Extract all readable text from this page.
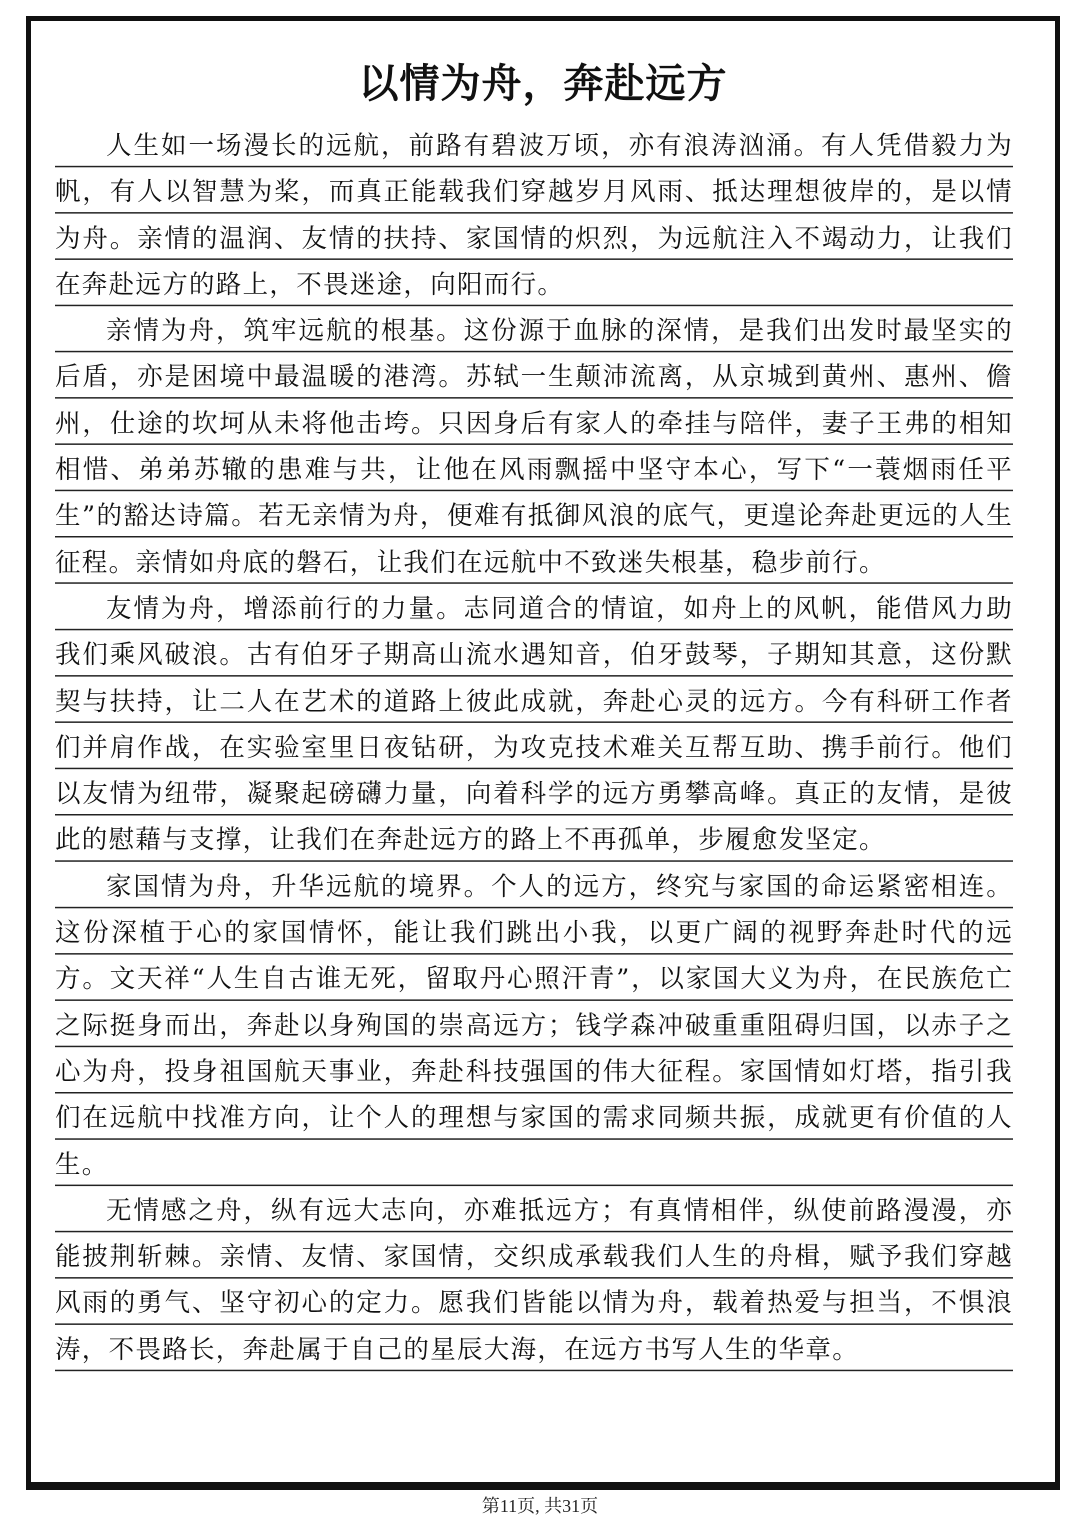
以情为舟，奔赴远方

人生如一场漫长的远航，前路有碧波万顷，亦有浪涛汹涌。有人凭借毅力为帆，有人以智慧为桨，而真正能载我们穿越岁月风雨、抵达理想彼岸的，是以情为舟。亲情的温润、友情的扶持、家国情的炽烈，为远航注入不竭动力，让我们在奔赴远方的路上，不畏迷途，向阳而行。

亲情为舟，筑牢远航的根基。这份源于血脉的深情，是我们出发时最坚实的后盾，亦是困境中最温暖的港湾。苏轼一生颠沛流离，从京城到黄州、惠州、儋州，仕途的坎坷从未将他击垮。只因身后有家人的牵挂与陪伴，妻子王弗的相知相惜、弟弟苏辙的患难与共，让他在风雨飘摇中坚守本心，写下“一蓑烟雨任平生”的豁达诗篇。若无亲情为舟，便难有抵御风浪的底气，更遑论奔赴更远的人生征程。亲情如舟底的磐石，让我们在远航中不致迷失根基，稳步前行。

友情为舟，增添前行的力量。志同道合的情谊，如舟上的风帆，能借风力助我们乘风破浪。古有伯牙子期高山流水遇知音，伯牙鼓琴，子期知其意，这份默契与扶持，让二人在艺术的道路上彼此成就，奔赴心灵的远方。今有科研工作者们并肩作战，在实验室里日夜钻研，为攻克技术难关互帮互助、携手前行。他们以友情为纽带，凝聚起磅礴力量，向着科学的远方勇攀高峰。真正的友情，是彼此的慰藉与支撑，让我们在奔赴远方的路上不再孤单，步履愈发坚定。

家国情为舟，升华远航的境界。个人的远方，终究与家国的命运紧密相连。这份深植于心的家国情怀，能让我们跳出小我，以更广阔的视野奔赴时代的远方。文天祥“人生自古谁无死，留取丹心照汗青”，以家国大义为舟，在民族危亡之际挺身而出，奔赴以身殉国的崇高远方；钱学森冲破重重阻碍归国，以赤子之心为舟，投身祖国航天事业，奔赴科技强国的伟大征程。家国情如灯塔，指引我们在远航中找准方向，让个人的理想与家国的需求同频共振，成就更有价值的人生。

无情感之舟，纵有远大志向，亦难抵远方；有真情相伴，纵使前路漫漫，亦能披荆斩棘。亲情、友情、家国情，交织成承载我们人生的舟楫，赋予我们穿越风雨的勇气、坚守初心的定力。愿我们皆能以情为舟，载着热爱与担当，不惧浪涛，不畏路长，奔赴属于自己的星辰大海，在远方书写人生的华章。

第11页, 共31页
